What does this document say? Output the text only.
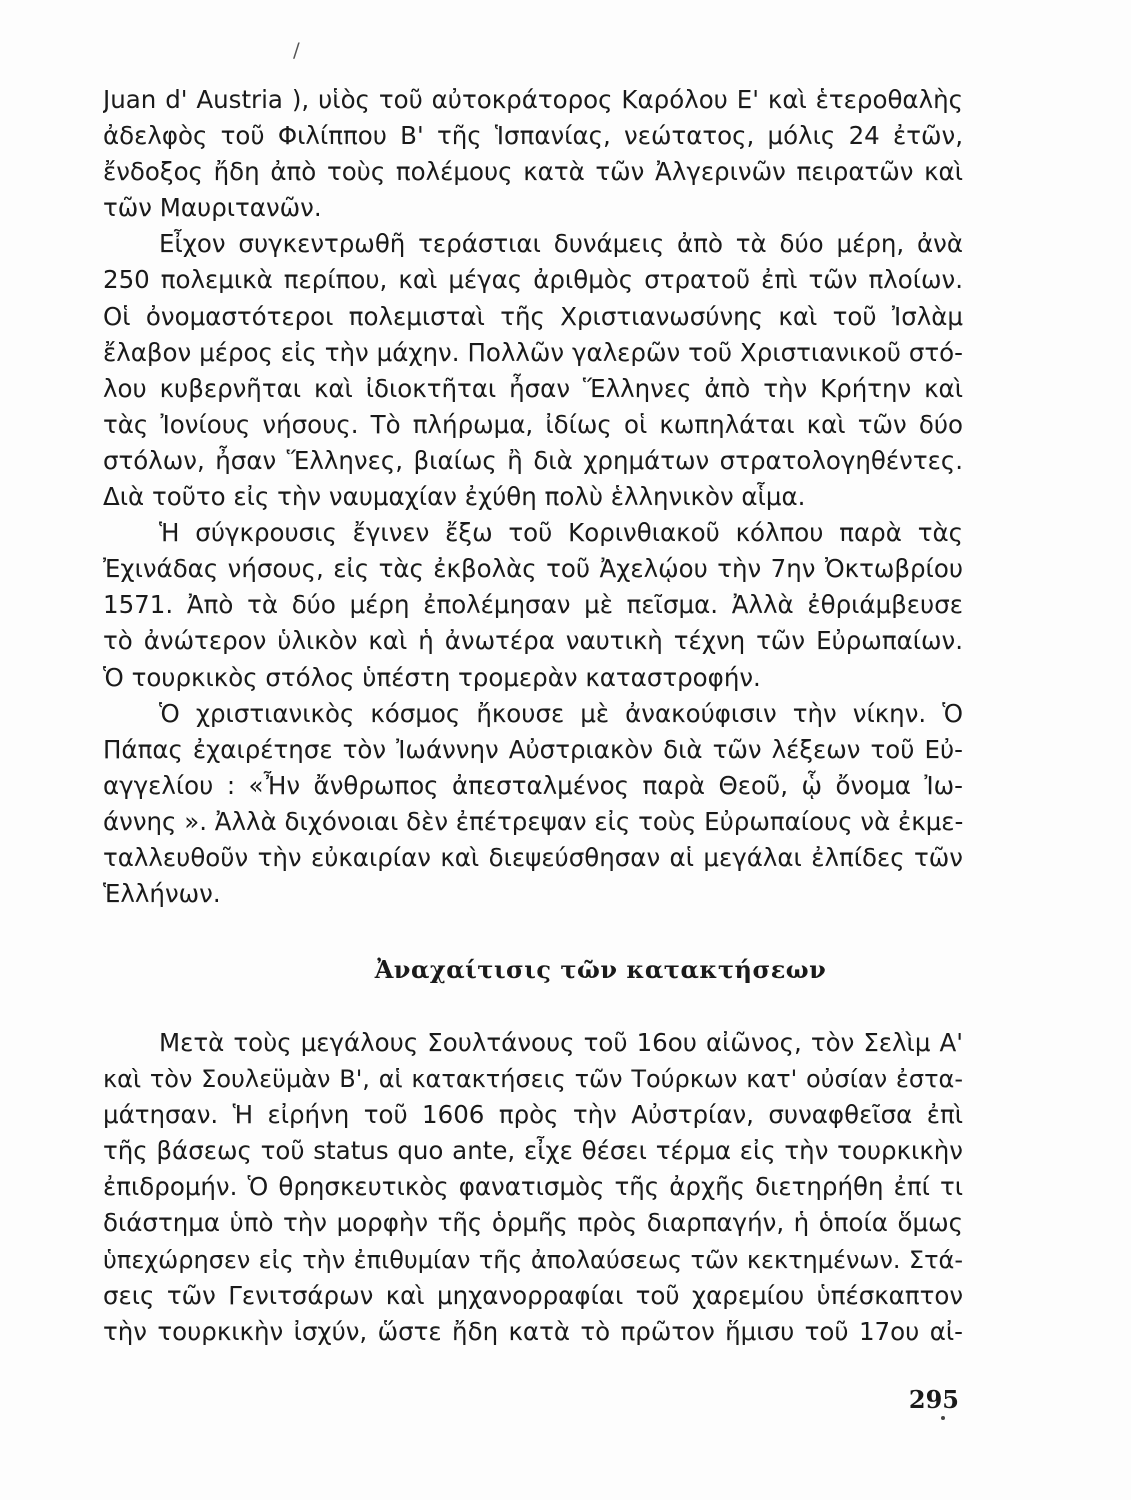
/
Juan d' Austria ), υἱὸς τοῦ αὐτοκράτορος Καρόλου Ε' καὶ ἑτεροθαλὴς
ἀδελφὸς τοῦ Φιλίππου Β' τῆς Ἱσπανίας, νεώτατος, μόλις 24 ἐτῶν,
ἔνδοξος ἤδη ἀπὸ τοὺς πολέμους κατὰ τῶν Ἀλγερινῶν πειρατῶν καὶ
τῶν Μαυριτανῶν.
Εἶχον συγκεντρωθῆ τεράστιαι δυνάμεις ἀπὸ τὰ δύο μέρη, ἀνὰ
250 πολεμικὰ περίπου, καὶ μέγας ἀριθμὸς στρατοῦ ἐπὶ τῶν πλοίων.
Οἱ ὀνομαστότεροι πολεμισταὶ τῆς Χριστιανωσύνης καὶ τοῦ Ἰσλὰμ
ἔλαβον μέρος εἰς τὴν μάχην. Πολλῶν γαλερῶν τοῦ Χριστιανικοῦ στό-
λου κυβερνῆται καὶ ἰδιοκτῆται ἦσαν Ἕλληνες ἀπὸ τὴν Κρήτην καὶ
τὰς Ἰονίους νήσους. Τὸ πλήρωμα, ἰδίως οἱ κωπηλάται καὶ τῶν δύο
στόλων, ἦσαν Ἕλληνες, βιαίως ἢ διὰ χρημάτων στρατολογηθέντες.
Διὰ τοῦτο εἰς τὴν ναυμαχίαν ἐχύθη πολὺ ἑλληνικὸν αἷμα.
Ἡ σύγκρουσις ἔγινεν ἔξω τοῦ Κορινθιακοῦ κόλπου παρὰ τὰς
Ἐχινάδας νήσους, εἰς τὰς ἐκβολὰς τοῦ Ἀχελῴου τὴν 7ην Ὀκτωβρίου
1571. Ἀπὸ τὰ δύο μέρη ἐπολέμησαν μὲ πεῖσμα. Ἀλλὰ ἐθριάμβευσε
τὸ ἀνώτερον ὑλικὸν καὶ ἡ ἀνωτέρα ναυτικὴ τέχνη τῶν Εὐρωπαίων.
Ὁ τουρκικὸς στόλος ὑπέστη τρομερὰν καταστροφήν.
Ὁ χριστιανικὸς κόσμος ἤκουσε μὲ ἀνακούφισιν τὴν νίκην. Ὁ
Πάπας ἐχαιρέτησε τὸν Ἰωάννην Αὐστριακὸν διὰ τῶν λέξεων τοῦ Εὐ-
αγγελίου : «Ἦν ἄνθρωπος ἀπεσταλμένος παρὰ Θεοῦ, ᾧ ὄνομα Ἰω-
άννης ». Ἀλλὰ διχόνοιαι δὲν ἐπέτρεψαν εἰς τοὺς Εὐρωπαίους νὰ ἐκμε-
ταλλευθοῦν τὴν εὐκαιρίαν καὶ διεψεύσθησαν αἱ μεγάλαι ἐλπίδες τῶν
Ἑλλήνων.
Ἀναχαίτισις τῶν κατακτήσεων
Μετὰ τοὺς μεγάλους Σουλτάνους τοῦ 16ου αἰῶνος, τὸν Σελὶμ Α'
καὶ τὸν Σουλεϋμὰν Β', αἱ κατακτήσεις τῶν Τούρκων κατ' οὐσίαν ἐστα-
μάτησαν. Ἡ εἰρήνη τοῦ 1606 πρὸς τὴν Αὐστρίαν, συναφθεῖσα ἐπὶ
τῆς βάσεως τοῦ status quo ante, εἶχε θέσει τέρμα εἰς τὴν τουρκικὴν
ἐπιδρομήν. Ὁ θρησκευτικὸς φανατισμὸς τῆς ἀρχῆς διετηρήθη ἐπί τι
διάστημα ὑπὸ τὴν μορφὴν τῆς ὁρμῆς πρὸς διαρπαγήν, ἡ ὁποία ὅμως
ὑπεχώρησεν εἰς τὴν ἐπιθυμίαν τῆς ἀπολαύσεως τῶν κεκτημένων. Στά-
σεις τῶν Γενιτσάρων καὶ μηχανορραφίαι τοῦ χαρεμίου ὑπέσκαπτον
τὴν τουρκικὴν ἰσχύν, ὥστε ἤδη κατὰ τὸ πρῶτον ἥμισυ τοῦ 17ου αἰ-
295
